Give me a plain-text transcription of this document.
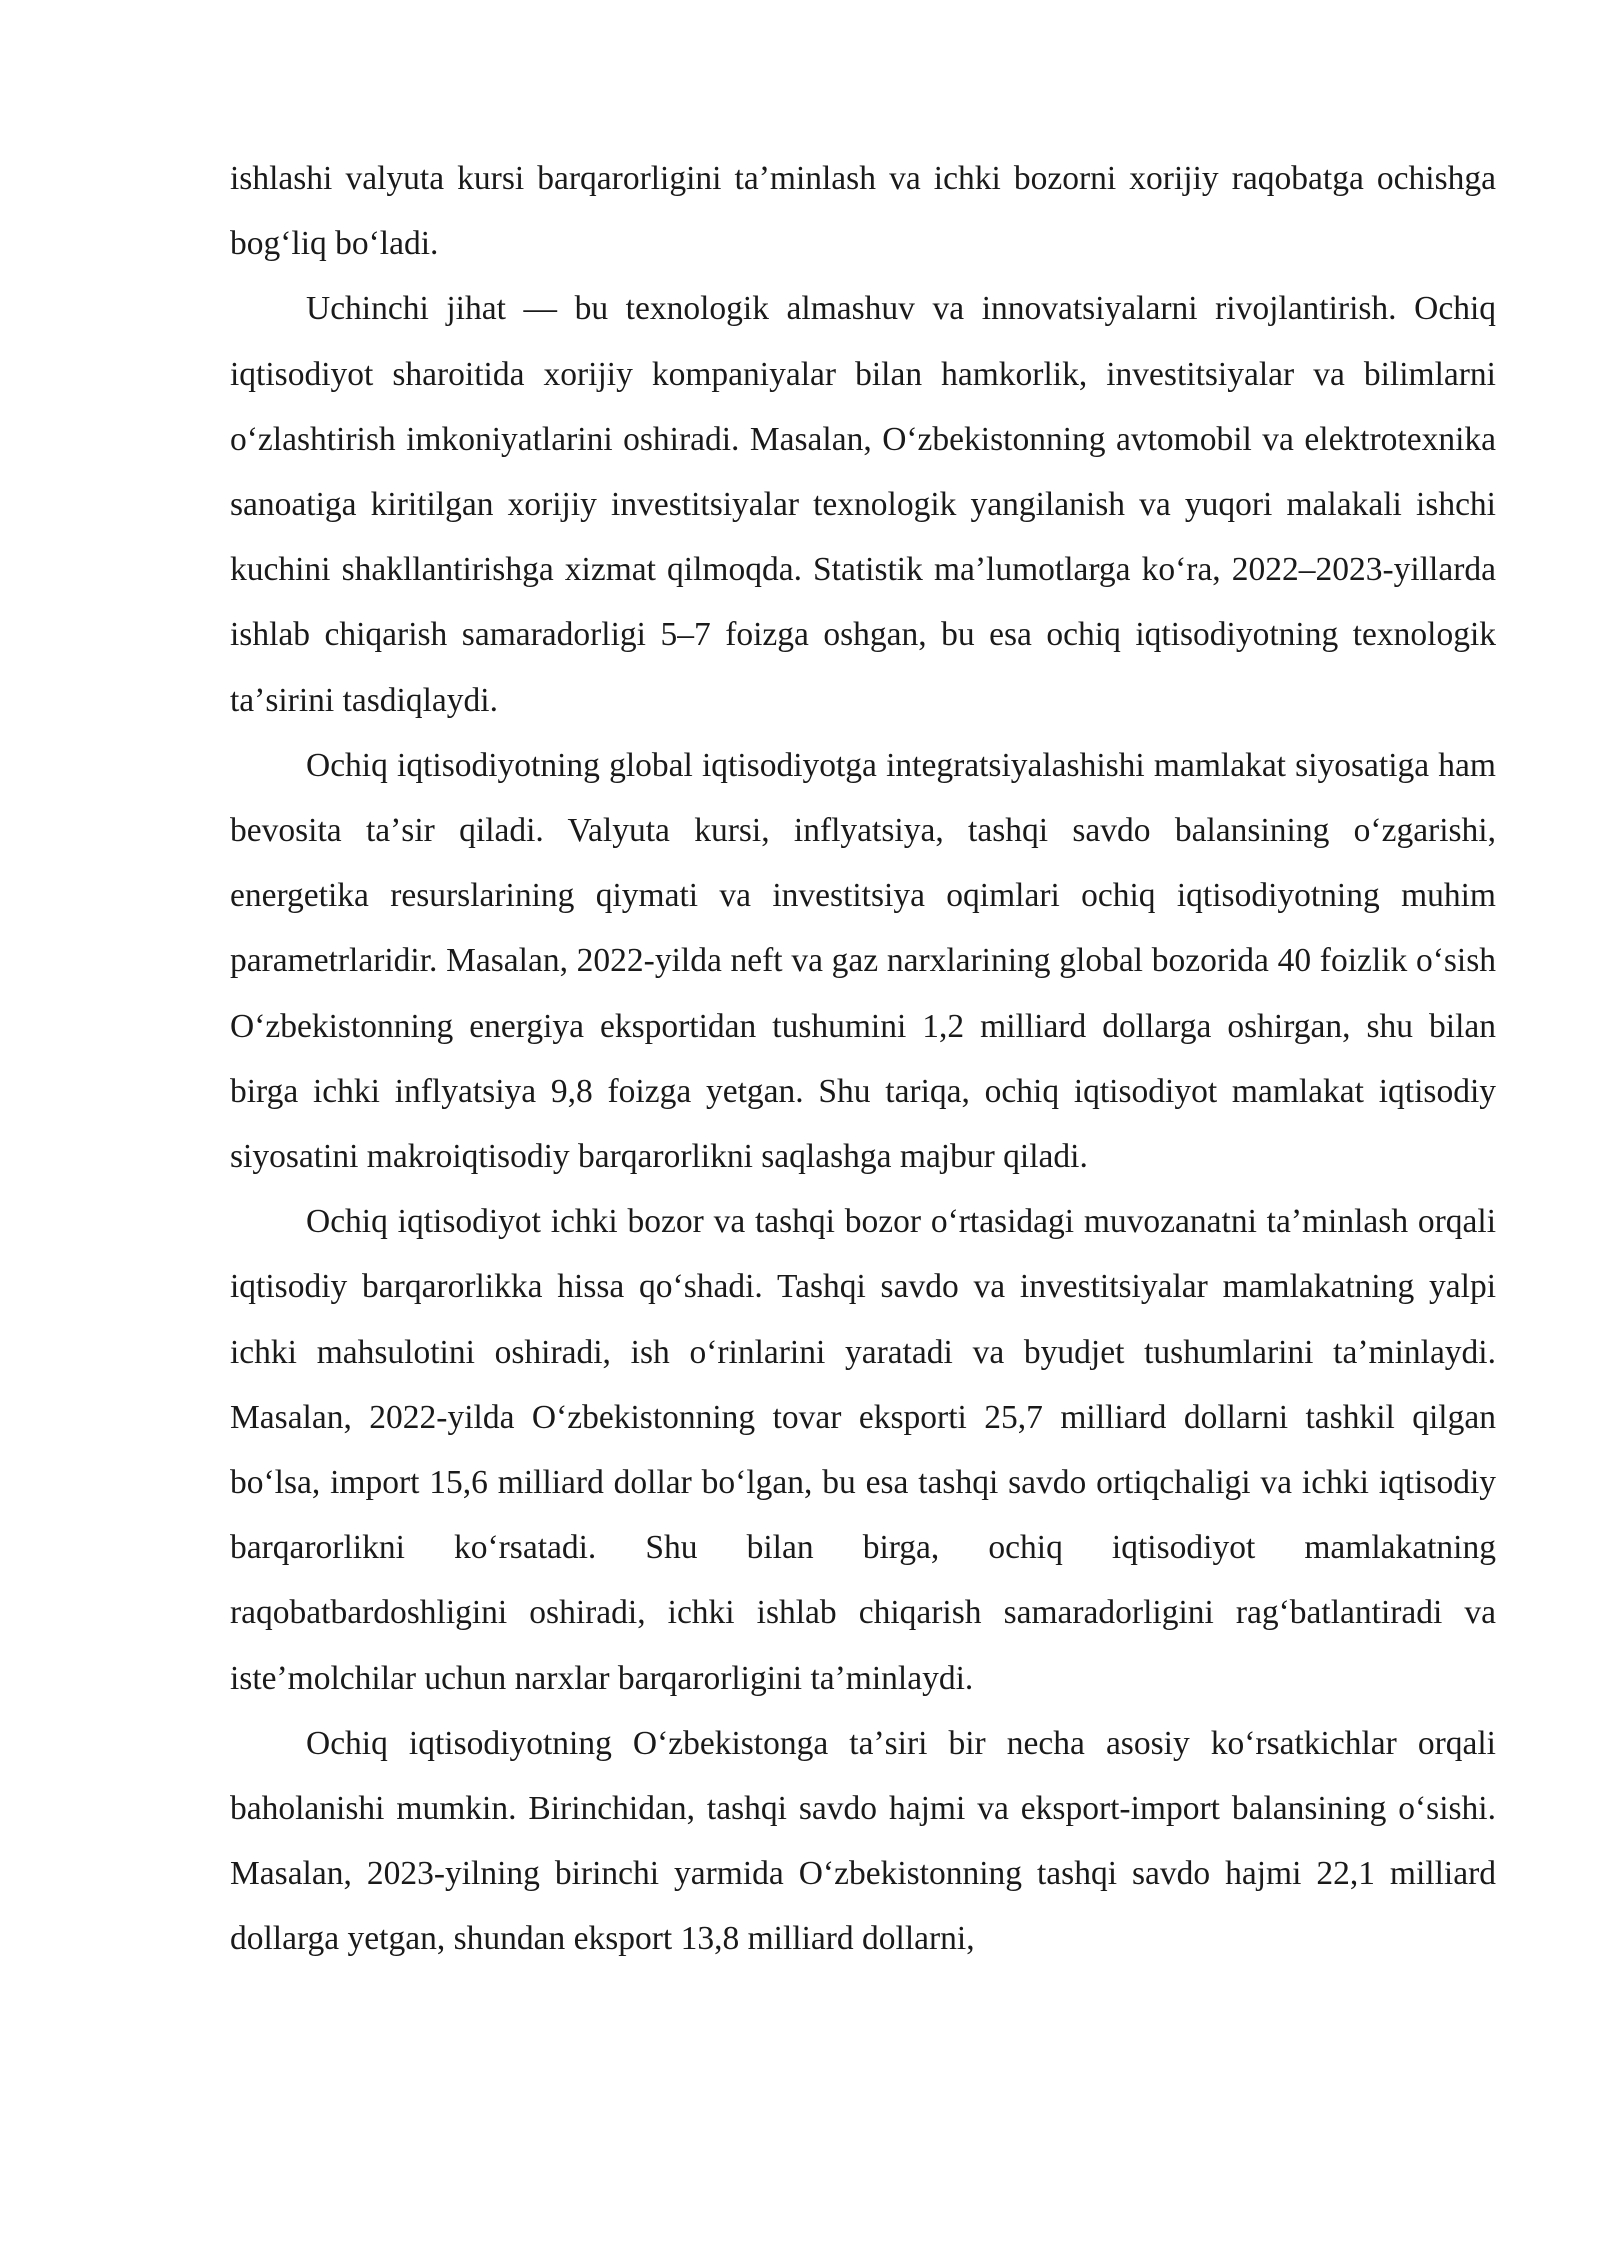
ishlashi valyuta kursi barqarorligini taʼminlash va ichki bozorni xorijiy raqobatga ochishga bogʻliq boʻladi.

Uchinchi jihat — bu texnologik almashuv va innovatsiyalarni rivojlantirish. Ochiq iqtisodiyot sharoitida xorijiy kompaniyalar bilan hamkorlik, investitsiyalar va bilimlarni oʻzlashtirish imkoniyatlarini oshiradi. Masalan, Oʻzbekistonning avtomobil va elektrotexnika sanoatiga kiritilgan xorijiy investitsiyalar texnologik yangilanish va yuqori malakali ishchi kuchini shakllantirishga xizmat qilmoqda. Statistik maʼlumotlarga koʻra, 2022–2023-yillarda ishlab chiqarish samaradorligi 5–7 foizga oshgan, bu esa ochiq iqtisodiyotning texnologik taʼsirini tasdiqlaydi.

Ochiq iqtisodiyotning global iqtisodiyotga integratsiyalashishi mamlakat siyosatiga ham bevosita taʼsir qiladi. Valyuta kursi, inflyatsiya, tashqi savdo balansining oʻzgarishi, energetika resurslarining qiymati va investitsiya oqimlari ochiq iqtisodiyotning muhim parametrlaridir. Masalan, 2022-yilda neft va gaz narxlarining global bozorida 40 foizlik oʻsish Oʻzbekistonning energiya eksportidan tushumini 1,2 milliard dollarga oshirgan, shu bilan birga ichki inflyatsiya 9,8 foizga yetgan. Shu tariqa, ochiq iqtisodiyot mamlakat iqtisodiy siyosatini makroiqtisodiy barqarorlikni saqlashga majbur qiladi.

Ochiq iqtisodiyot ichki bozor va tashqi bozor oʻrtasidagi muvozanatni taʼminlash orqali iqtisodiy barqarorlikka hissa qoʻshadi. Tashqi savdo va investitsiyalar mamlakatning yalpi ichki mahsulotini oshiradi, ish oʻrinlarini yaratadi va byudjet tushumlarini taʼminlaydi. Masalan, 2022-yilda Oʻzbekistonning tovar eksporti 25,7 milliard dollarni tashkil qilgan boʻlsa, import 15,6 milliard dollar boʻlgan, bu esa tashqi savdo ortiqchaligi va ichki iqtisodiy barqarorlikni koʻrsatadi. Shu bilan birga, ochiq iqtisodiyot mamlakatning raqobatbardoshligini oshiradi, ichki ishlab chiqarish samaradorligini ragʻbatlantiradi va isteʼmolchilar uchun narxlar barqarorligini taʼminlaydi.

Ochiq iqtisodiyotning Oʻzbekistonga taʼsiri bir necha asosiy koʻrsatkichlar orqali baholanishi mumkin. Birinchidan, tashqi savdo hajmi va eksport-import balansining oʻsishi. Masalan, 2023-yilning birinchi yarmida Oʻzbekistonning tashqi savdo hajmi 22,1 milliard dollarga yetgan, shundan eksport 13,8 milliard dollarni,
